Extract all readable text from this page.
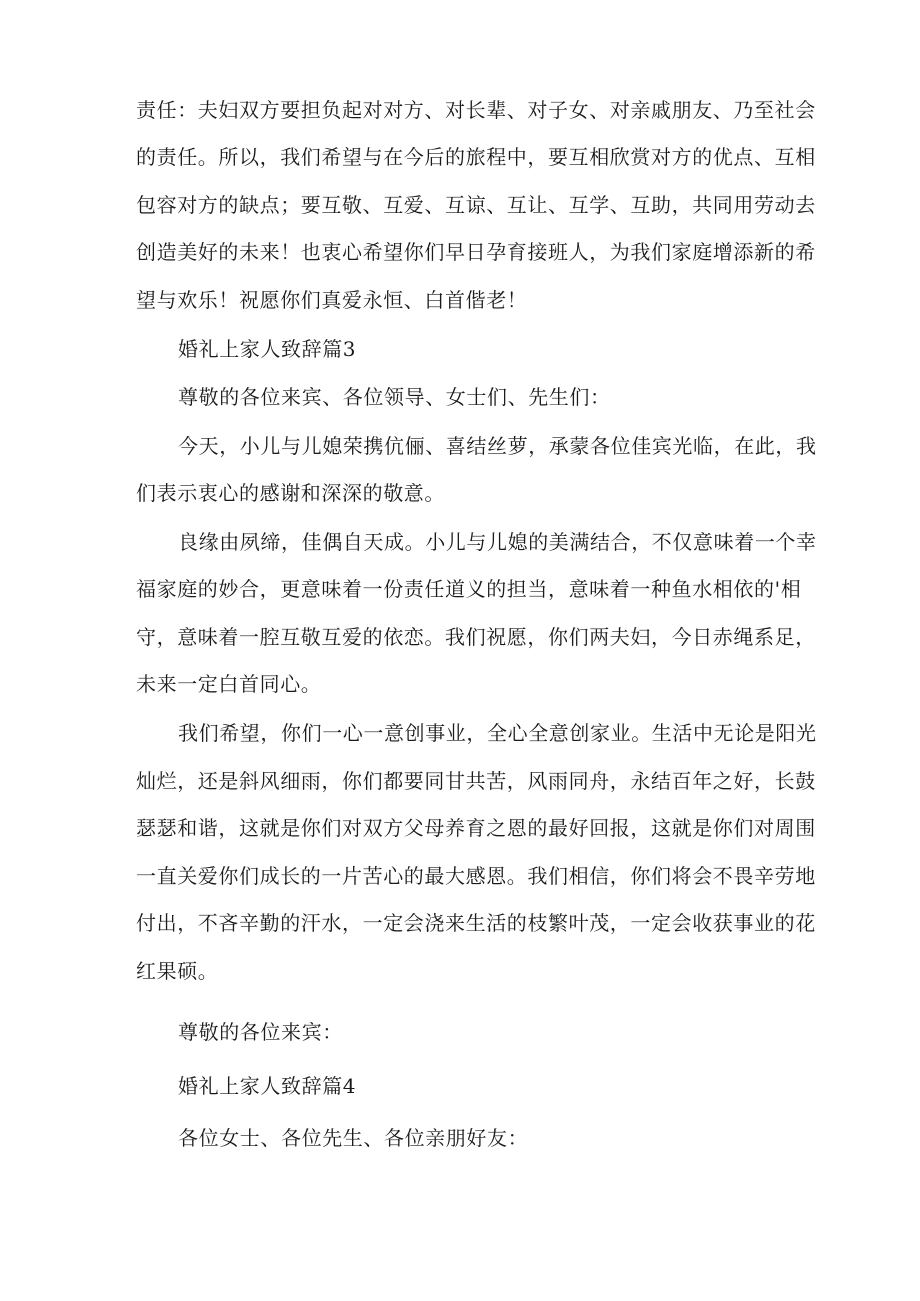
责任：夫妇双方要担负起对对方、对长辈、对子女、对亲戚朋友、乃至社会
的责任。所以，我们希望与在今后的旅程中，要互相欣赏对方的优点、互相
包容对方的缺点；要互敬、互爱、互谅、互让、互学、互助，共同用劳动去
创造美好的未来！也衷心希望你们早日孕育接班人，为我们家庭增添新的希
望与欢乐！祝愿你们真爱永恒、白首偕老！
婚礼上家人致辞篇3
尊敬的各位来宾、各位领导、女士们、先生们：
今天，小儿与儿媳荣携伉俪、喜结丝萝，承蒙各位佳宾光临，在此，我
们表示衷心的感谢和深深的敬意。
良缘由夙缔，佳偶自天成。小儿与儿媳的美满结合，不仅意味着一个幸
福家庭的妙合，更意味着一份责任道义的担当，意味着一种鱼水相依的'相
守，意味着一腔互敬互爱的依恋。我们祝愿，你们两夫妇，今日赤绳系足，
未来一定白首同心。
我们希望，你们一心一意创事业，全心全意创家业。生活中无论是阳光
灿烂，还是斜风细雨，你们都要同甘共苦，风雨同舟，永结百年之好，长鼓
瑟瑟和谐，这就是你们对双方父母养育之恩的最好回报，这就是你们对周围
一直关爱你们成长的一片苦心的最大感恩。我们相信，你们将会不畏辛劳地
付出，不吝辛勤的汗水，一定会浇来生活的枝繁叶茂，一定会收获事业的花
红果硕。
尊敬的各位来宾：
婚礼上家人致辞篇4
各位女士、各位先生、各位亲朋好友：
